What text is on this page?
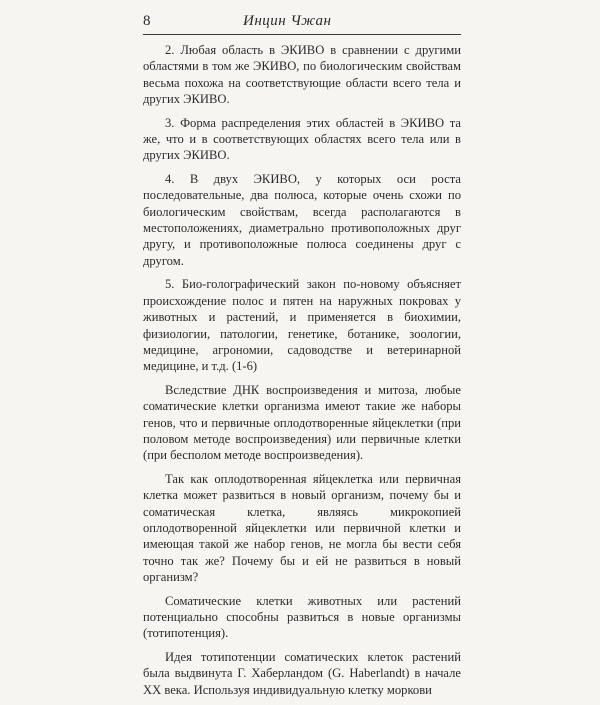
8	Инцин Чжан

2. Любая область в ЭКИВО в сравнении с другими областями в том же ЭКИВО, по биологическим свойствам весьма похожа на соответствующие области всего тела и других ЭКИВО.

3. Форма распределения этих областей в ЭКИВО та же, что и в соответствующих областях всего тела или в других ЭКИВО.

4. В двух ЭКИВО, у которых оси роста последовательные, два полюса, которые очень схожи по биологическим свойствам, всегда располагаются в местоположениях, диаметрально противоположных друг другу, и противоположные полюса соединены друг с другом.

5. Био-голографический закон по-новому объясняет происхождение полос и пятен на наружных покровах у животных и растений, и применяется в биохимии, физиологии, патологии, генетике, ботанике, зоологии, медицине, агрономии, садоводстве и ветеринарной медицине, и т.д. (1-6)

Вследствие ДНК воспроизведения и митоза, любые соматические клетки организма имеют такие же наборы генов, что и первичные оплодотворенные яйцеклетки (при половом методе воспроизведения) или первичные клетки (при бесполом методе воспроизведения).

Так как оплодотворенная яйцеклетка или первичная клетка может развиться в новый организм, почему бы и соматическая клетка, являясь микрокопией оплодотворенной яйцеклетки или первичной клетки и имеющая такой же набор генов, не могла бы вести себя точно так же? Почему бы и ей не развиться в новый организм?

Соматические клетки животных или растений потенциально способны развиться в новые организмы (тотипотенция).

Идея тотипотенции соматических клеток растений была выдвинута Г. Хаберландом (G. Haberlandt) в начале XX века. Используя индивидуальную клетку моркови
